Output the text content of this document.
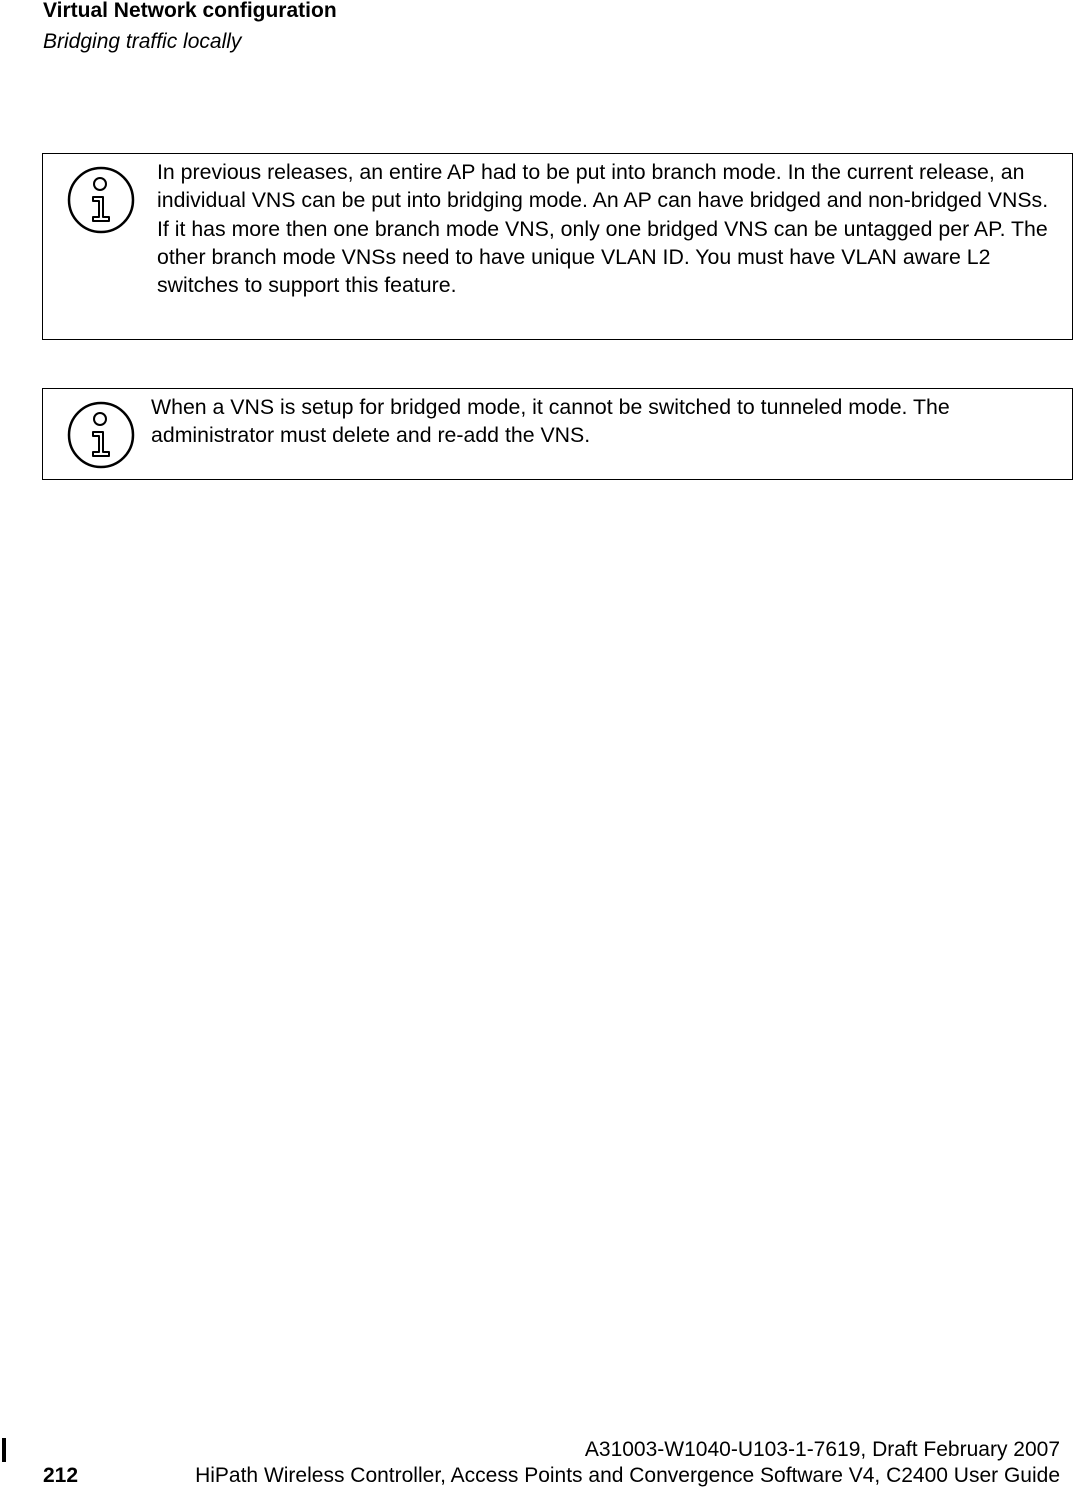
Virtual Network configuration
Bridging traffic locally

In previous releases, an entire AP had to be put into branch mode. In the current release, an individual VNS can be put into bridging mode. An AP can have bridged and non-bridged VNSs.

If it has more then one branch mode VNS, only one bridged VNS can be untagged per AP. The other branch mode VNSs need to have unique VLAN ID. You must have VLAN aware L2 switches to support this feature.

When a VNS is setup for bridged mode, it cannot be switched to tunneled mode. The administrator must delete and re-add the VNS.

A31003-W1040-U103-1-7619, Draft February 2007
212	HiPath Wireless Controller, Access Points and Convergence Software V4, C2400 User Guide
